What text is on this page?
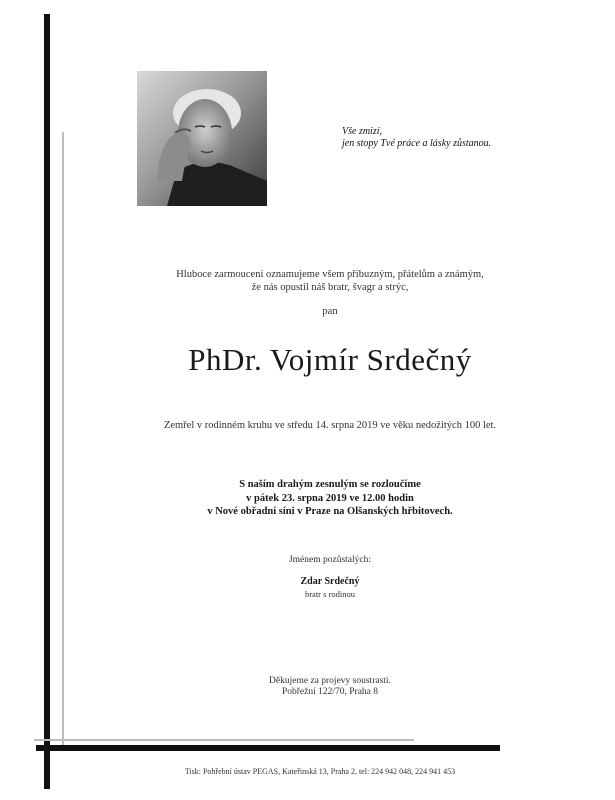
Vše zmizí,
jen stopy Tvé práce a lásky zůstanou.
Hluboce zarmouceni oznamujeme všem příbuzným, přátelům a známým,
že nás opustil náš bratr, švagr a strýc,
pan
PhDr. Vojmír Srdečný
Zemřel v rodinném kruhu ve středu 14. srpna 2019 ve věku nedožitých 100 let.
S naším drahým zesnulým se rozloučíme
v pátek 23. srpna 2019 ve 12.00 hodin
v Nové obřadní síni v Praze na Olšanských hřbitovech.
Jménem pozůstalých:
Zdar Srdečný
bratr s rodinou
Děkujeme za projevy soustrasti.
Pobřežní 122/70, Praha 8
Tisk: Pohřební ústav PEGAS, Kateřinská 13, Praha 2, tel: 224 942 048, 224 941 453
